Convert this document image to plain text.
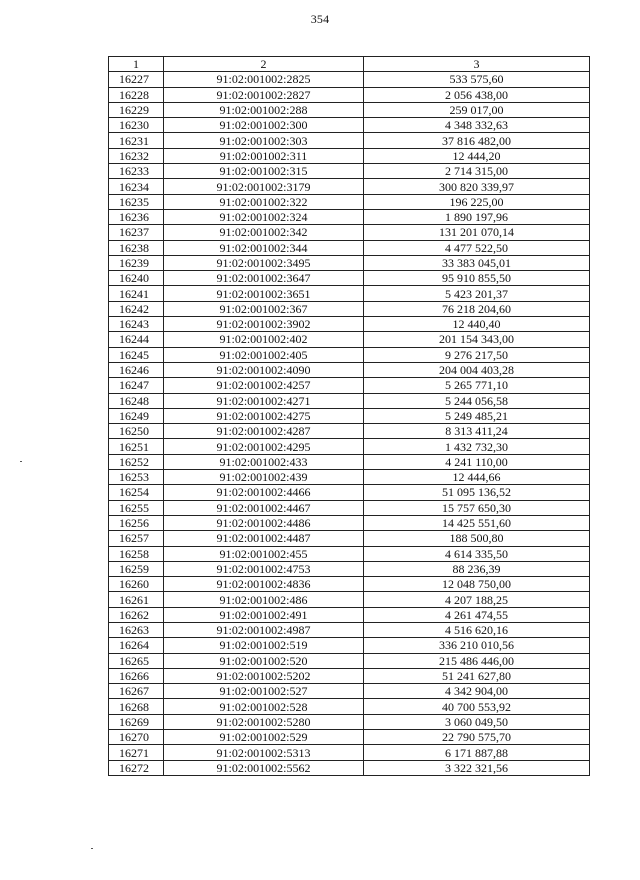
354
1	2	3
16227	91:02:001002:2825	533 575,60
16228	91:02:001002:2827	2 056 438,00
16229	91:02:001002:288	259 017,00
16230	91:02:001002:300	4 348 332,63
16231	91:02:001002:303	37 816 482,00
16232	91:02:001002:311	12 444,20
16233	91:02:001002:315	2 714 315,00
16234	91:02:001002:3179	300 820 339,97
16235	91:02:001002:322	196 225,00
16236	91:02:001002:324	1 890 197,96
16237	91:02:001002:342	131 201 070,14
16238	91:02:001002:344	4 477 522,50
16239	91:02:001002:3495	33 383 045,01
16240	91:02:001002:3647	95 910 855,50
16241	91:02:001002:3651	5 423 201,37
16242	91:02:001002:367	76 218 204,60
16243	91:02:001002:3902	12 440,40
16244	91:02:001002:402	201 154 343,00
16245	91:02:001002:405	9 276 217,50
16246	91:02:001002:4090	204 004 403,28
16247	91:02:001002:4257	5 265 771,10
16248	91:02:001002:4271	5 244 056,58
16249	91:02:001002:4275	5 249 485,21
16250	91:02:001002:4287	8 313 411,24
16251	91:02:001002:4295	1 432 732,30
16252	91:02:001002:433	4 241 110,00
16253	91:02:001002:439	12 444,66
16254	91:02:001002:4466	51 095 136,52
16255	91:02:001002:4467	15 757 650,30
16256	91:02:001002:4486	14 425 551,60
16257	91:02:001002:4487	188 500,80
16258	91:02:001002:455	4 614 335,50
16259	91:02:001002:4753	88 236,39
16260	91:02:001002:4836	12 048 750,00
16261	91:02:001002:486	4 207 188,25
16262	91:02:001002:491	4 261 474,55
16263	91:02:001002:4987	4 516 620,16
16264	91:02:001002:519	336 210 010,56
16265	91:02:001002:520	215 486 446,00
16266	91:02:001002:5202	51 241 627,80
16267	91:02:001002:527	4 342 904,00
16268	91:02:001002:528	40 700 553,92
16269	91:02:001002:5280	3 060 049,50
16270	91:02:001002:529	22 790 575,70
16271	91:02:001002:5313	6 171 887,88
16272	91:02:001002:5562	3 322 321,56
